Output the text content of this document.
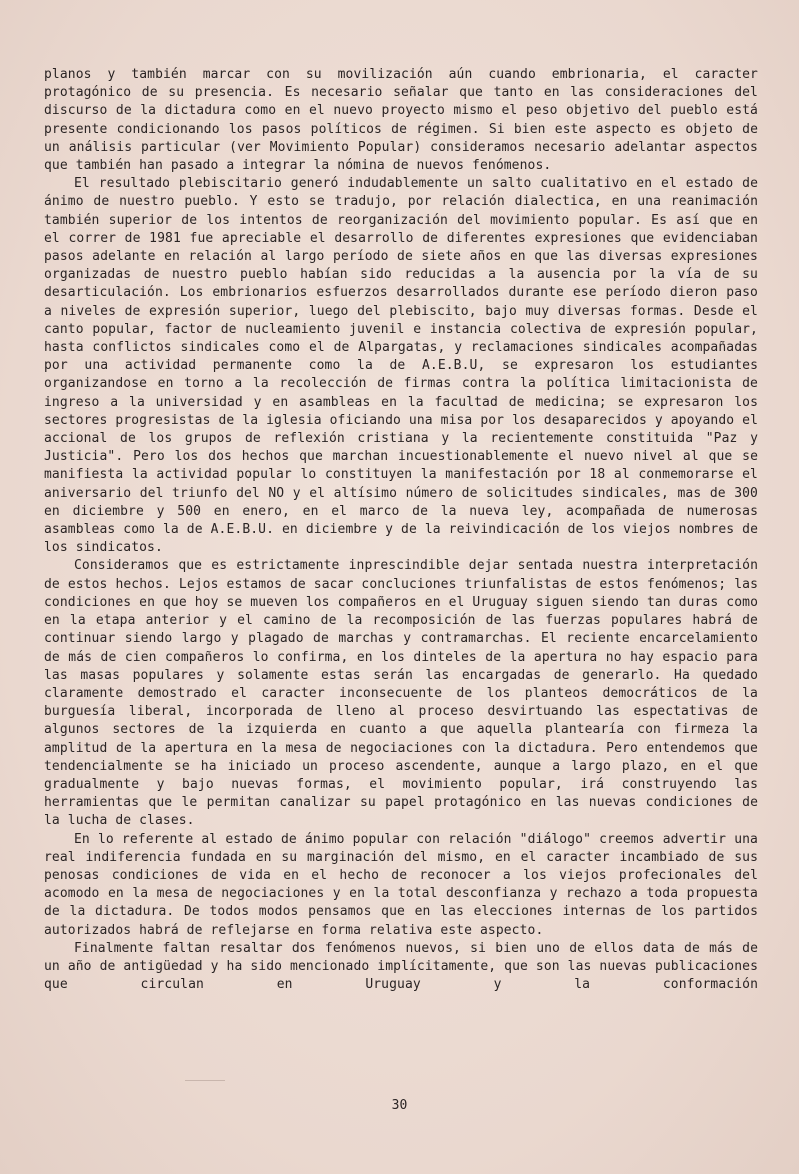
planos y también marcar con su movilización aún cuando embrionaria, el caracter protagónico de su presencia. Es necesario señalar que tanto en las consideraciones del discurso de la dictadura como en el nuevo proyecto mismo el peso objetivo del pueblo está presente condicionando los pasos políticos de régimen. Si bien este aspecto es objeto de un análisis particular (ver Movimiento Popular) consideramos necesario adelantar aspectos que también han pasado a integrar la nómina de nuevos fenómenos.

El resultado plebiscitario generó indudablemente un salto cualitativo en el estado de ánimo de nuestro pueblo. Y esto se tradujo, por relación dialectica, en una reanimación también superior de los intentos de reorganización del movimiento popular. Es así que en el correr de 1981 fue apreciable el desarrollo de diferentes expresiones que evidenciaban pasos adelante en relación al largo período de siete años en que las diversas expresiones organizadas de nuestro pueblo habían sido reducidas a la ausencia por la vía de su desarticulación. Los embrionarios esfuerzos desarrollados durante ese período dieron paso a niveles de expresión superior, luego del plebiscito, bajo muy diversas formas. Desde el canto popular, factor de nucleamiento juvenil e instancia colectiva de expresión popular, hasta conflictos sindicales como el de Alpargatas, y reclamaciones sindicales acompañadas por una actividad permanente como la de A.E.B.U, se expresaron los estudiantes organizandose en torno a la recolección de firmas contra la política limitacionista de ingreso a la universidad y en asambleas en la facultad de medicina; se expresaron los sectores progresistas de la iglesia oficiando una misa por los desaparecidos y apoyando el accional de los grupos de reflexión cristiana y la recientemente constituida "Paz y Justicia". Pero los dos hechos que marchan incuestionablemente el nuevo nivel al que se manifiesta la actividad popular lo constituyen la manifestación por 18 al conmemorarse el aniversario del triunfo del NO y el altísimo número de solicitudes sindicales, mas de 300 en diciembre y 500 en enero, en el marco de la nueva ley, acompañada de numerosas asambleas como la de A.E.B.U. en diciembre y de la reivindicación de los viejos nombres de los sindicatos.

Consideramos que es estrictamente inprescindible dejar sentada nuestra interpretación de estos hechos. Lejos estamos de sacar concluciones triunfalistas de estos fenómenos; las condiciones en que hoy se mueven los compañeros en el Uruguay siguen siendo tan duras como en la etapa anterior y el camino de la recomposición de las fuerzas populares habrá de continuar siendo largo y plagado de marchas y contramarchas. El reciente encarcelamiento de más de cien compañeros lo confirma, en los dinteles de la apertura no hay espacio para las masas populares y solamente estas serán las encargadas de generarlo. Ha quedado claramente demostrado el caracter inconsecuente de los planteos democráticos de la burguesía liberal, incorporada de lleno al proceso desvirtuando las espectativas de algunos sectores de la izquierda en cuanto a que aquella plantearía con firmeza la amplitud de la apertura en la mesa de negociaciones con la dictadura. Pero entendemos que tendencialmente se ha iniciado un proceso ascendente, aunque a largo plazo, en el que gradualmente y bajo nuevas formas, el movimiento popular, irá construyendo las herramientas que le permitan canalizar su papel protagónico en las nuevas condiciones de la lucha de clases.

En lo referente al estado de ánimo popular con relación "diálogo" creemos advertir una real indiferencia fundada en su marginación del mismo, en el caracter incambiado de sus penosas condiciones de vida en el hecho de reconocer a los viejos profecionales del acomodo en la mesa de negociaciones y en la total desconfianza y rechazo a toda propuesta de la dictadura. De todos modos pensamos que en las elecciones internas de los partidos autorizados habrá de reflejarse en forma relativa este aspecto.

Finalmente faltan resaltar dos fenómenos nuevos, si bien uno de ellos data de más de un año de antigüedad y ha sido mencionado implícitamente, que son las nuevas publicaciones que circulan en Uruguay y la conformación

30
